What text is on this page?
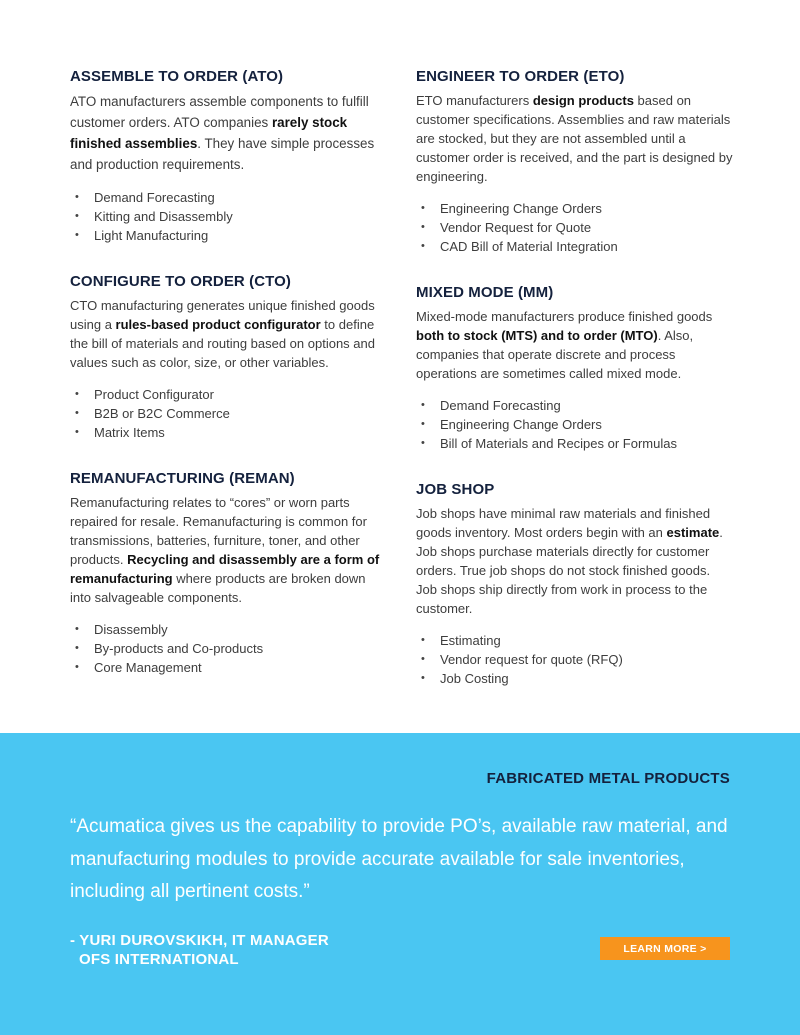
ASSEMBLE TO ORDER (ATO)

ATO manufacturers assemble components to fulfill customer orders. ATO companies rarely stock finished assemblies. They have simple processes and production requirements.

• Demand Forecasting
• Kitting and Disassembly
• Light Manufacturing
CONFIGURE TO ORDER (CTO)

CTO manufacturing generates unique finished goods using a rules-based product configurator to define the bill of materials and routing based on options and values such as color, size, or other variables.

• Product Configurator
• B2B or B2C Commerce
• Matrix Items
REMANUFACTURING (REMAN)

Remanufacturing relates to “cores” or worn parts repaired for resale. Remanufacturing is common for transmissions, batteries, furniture, toner, and other products. Recycling and disassembly are a form of remanufacturing where products are broken down into salvageable components.

• Disassembly
• By-products and Co-products
• Core Management
ENGINEER TO ORDER (ETO)

ETO manufacturers design products based on customer specifications. Assemblies and raw materials are stocked, but they are not assembled until a customer order is received, and the part is designed by engineering.

• Engineering Change Orders
• Vendor Request for Quote
• CAD Bill of Material Integration
MIXED MODE (MM)

Mixed-mode manufacturers produce finished goods both to stock (MTS) and to order (MTO). Also, companies that operate discrete and process operations are sometimes called mixed mode.

• Demand Forecasting
• Engineering Change Orders
• Bill of Materials and Recipes or Formulas
JOB SHOP

Job shops have minimal raw materials and finished goods inventory. Most orders begin with an estimate. Job shops purchase materials directly for customer orders. True job shops do not stock finished goods. Job shops ship directly from work in process to the customer.

• Estimating
• Vendor request for quote (RFQ)
• Job Costing
FABRICATED METAL PRODUCTS
“Acumatica gives us the capability to provide PO’s, available raw material, and manufacturing modules to provide accurate available for sale inventories, including all pertinent costs.”
- YURI DUROVSKIKH, IT MANAGER
OFS INTERNATIONAL
LEARN MORE >
